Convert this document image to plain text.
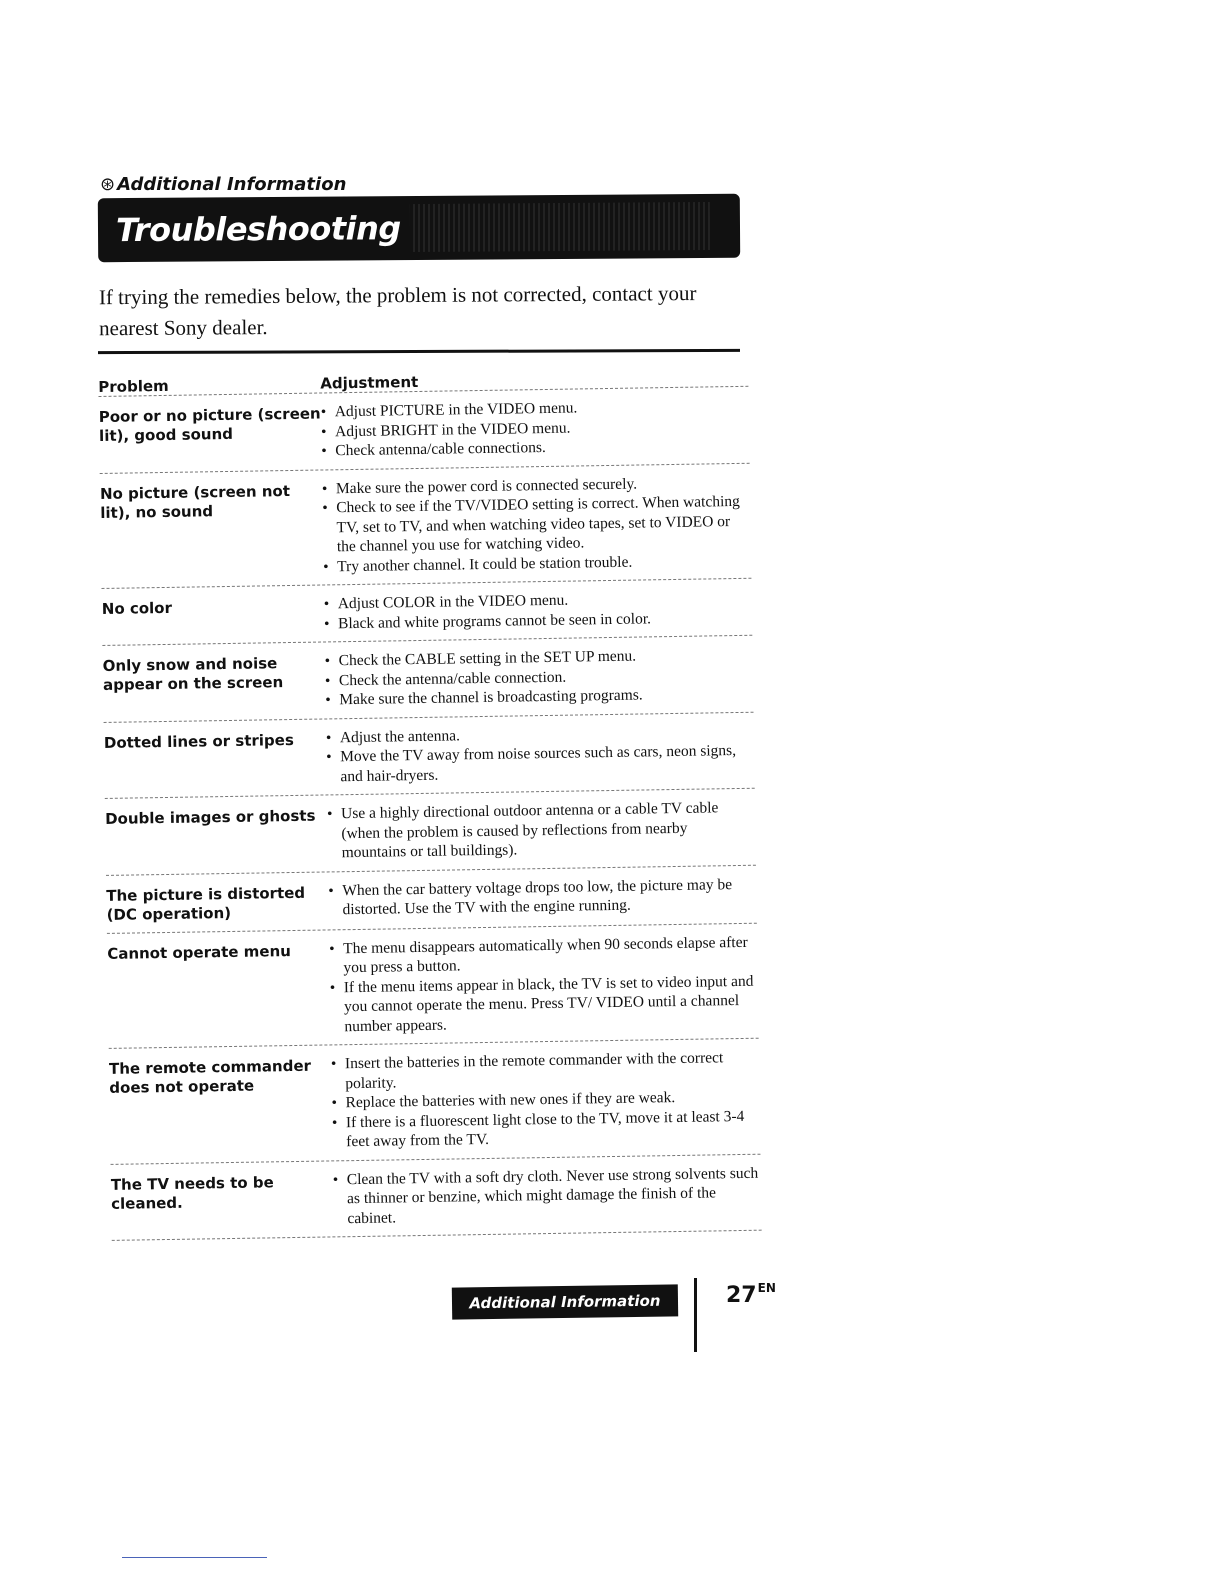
⊛ Additional Information
Troubleshooting

If trying the remedies below, the problem is not corrected, contact your nearest Sony dealer.

Problem	Adjustment
Poor or no picture (screen lit), good sound
• Adjust PICTURE in the VIDEO menu.
• Adjust BRIGHT in the VIDEO menu.
• Check antenna/cable connections.
No picture (screen not lit), no sound
• Make sure the power cord is connected securely.
• Check to see if the TV/VIDEO setting is correct. When watching TV, set to TV, and when watching video tapes, set to VIDEO or the channel you use for watching video.
• Try another channel. It could be station trouble.
No color	• Adjust COLOR in the VIDEO menu.
• Black and white programs cannot be seen in color.
Only snow and noise appear on the screen
• Check the CABLE setting in the SET UP menu.
• Check the antenna/cable connection.
• Make sure the channel is broadcasting programs.
Dotted lines or stripes	• Adjust the antenna.
• Move the TV away from noise sources such as cars, neon signs, and hair-dryers.
Double images or ghosts • Use a highly directional outdoor antenna or a cable TV cable (when the problem is caused by reflections from nearby mountains or tall buildings).
The picture is distorted (DC operation)
• When the car battery voltage drops too low, the picture may be distorted. Use the TV with the engine running.
Cannot operate menu	• The menu disappears automatically when 90 seconds elapse after you press a button.
• If the menu items appear in black, the TV is set to video input and you cannot operate the menu. Press TV/ VIDEO until a channel number appears.
The remote commander does not operate
• Insert the batteries in the remote commander with the correct polarity.
• Replace the batteries with new ones if they are weak.
• If there is a fluorescent light close to the TV, move it at least 3-4 feet away from the TV.
The TV needs to be cleaned.
• Clean the TV with a soft dry cloth. Never use strong solvents such as thinner or benzine, which might damage the finish of the cabinet.
Additional Information	$27^{EN}$
